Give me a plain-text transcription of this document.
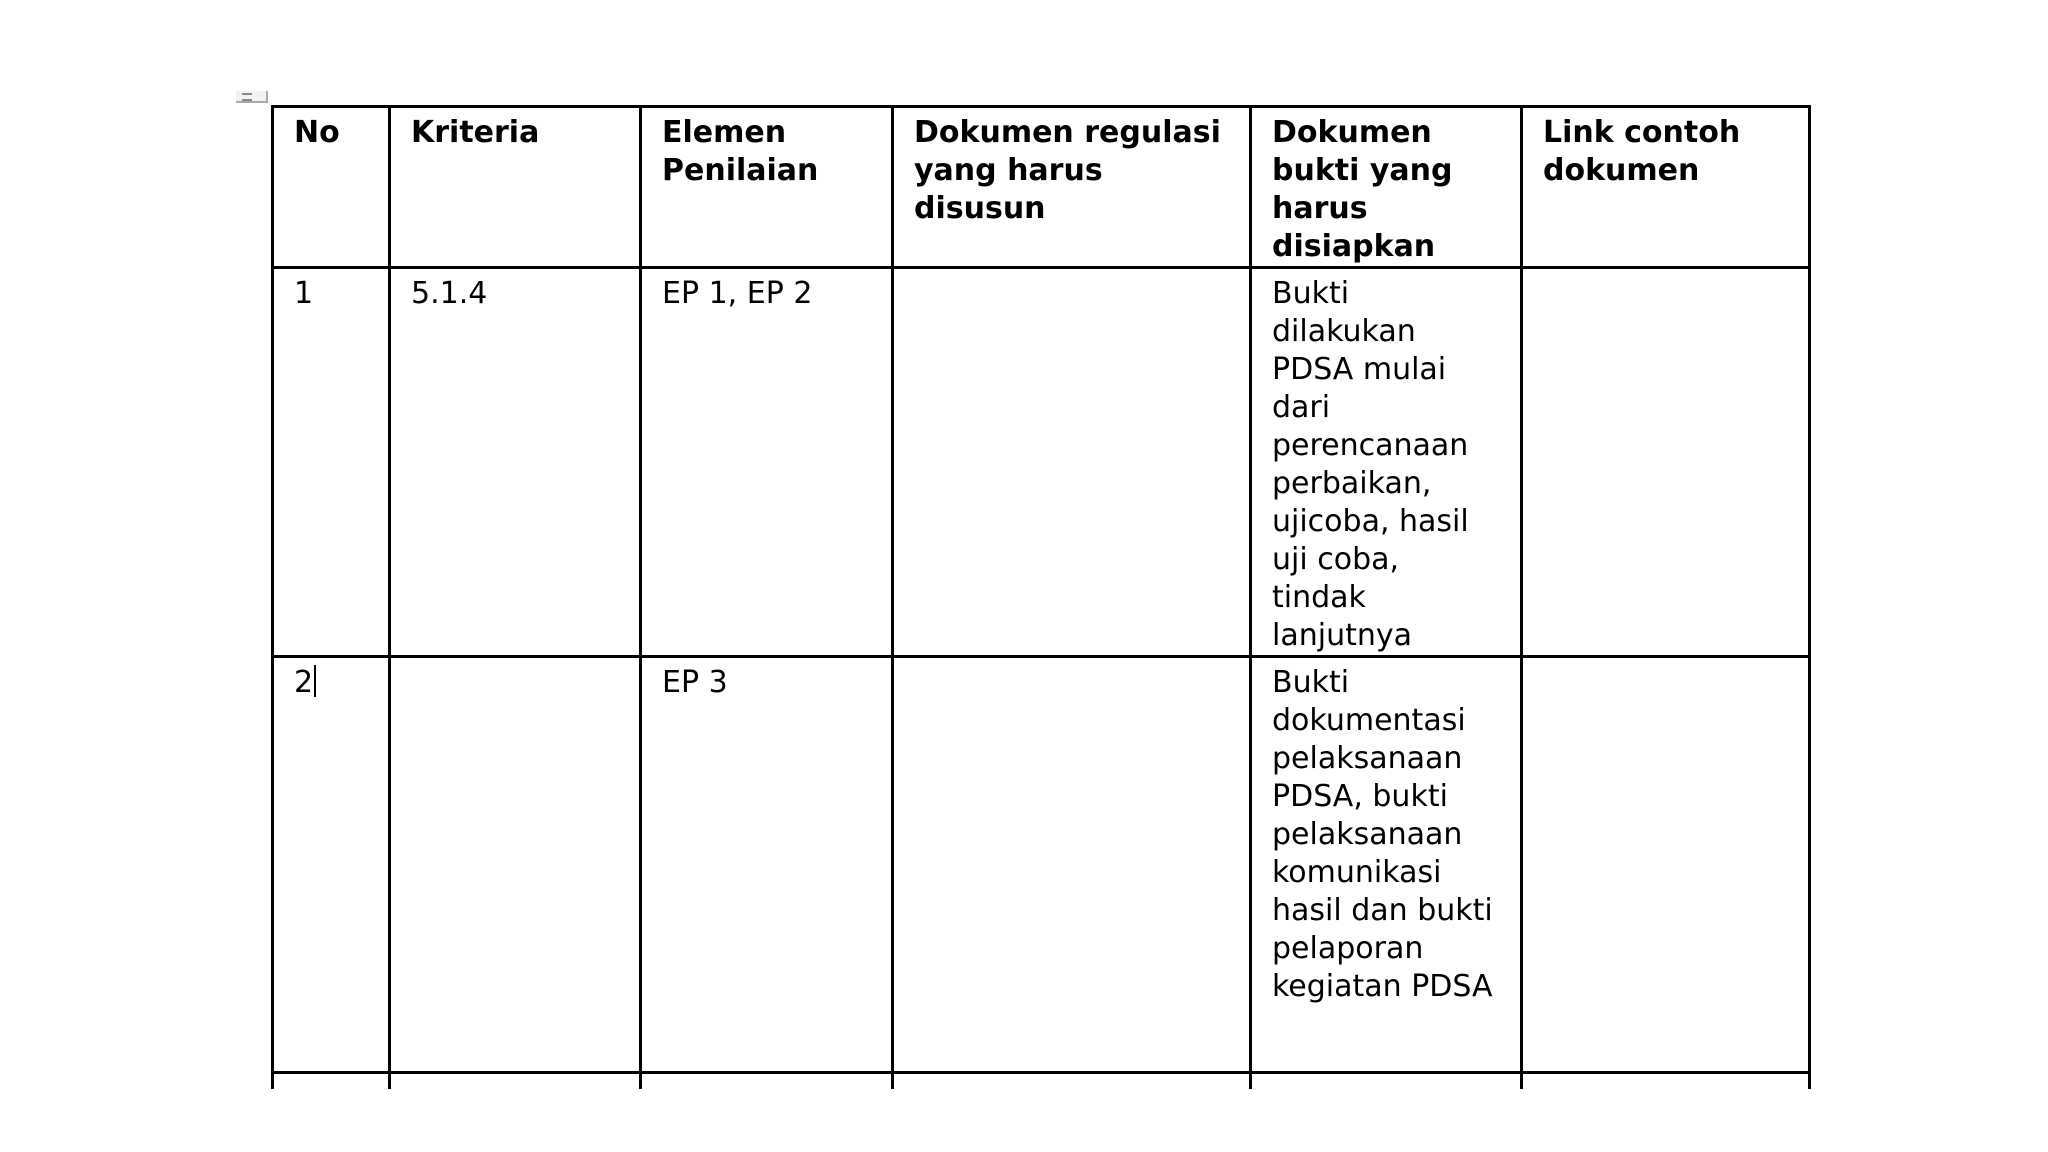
No	Kriteria	Elemen Penilaian	Dokumen regulasi yang harus disusun	Dokumen bukti yang harus disiapkan	Link contoh dokumen

1	5.1.4	EP 1, EP 2		Bukti dilakukan PDSA mulai dari perencanaan perbaikan, ujicoba, hasil uji coba, tindak lanjutnya	

2		EP 3		Bukti dokumentasi pelaksanaan PDSA, bukti pelaksanaan komunikasi hasil dan bukti pelaporan kegiatan PDSA	
